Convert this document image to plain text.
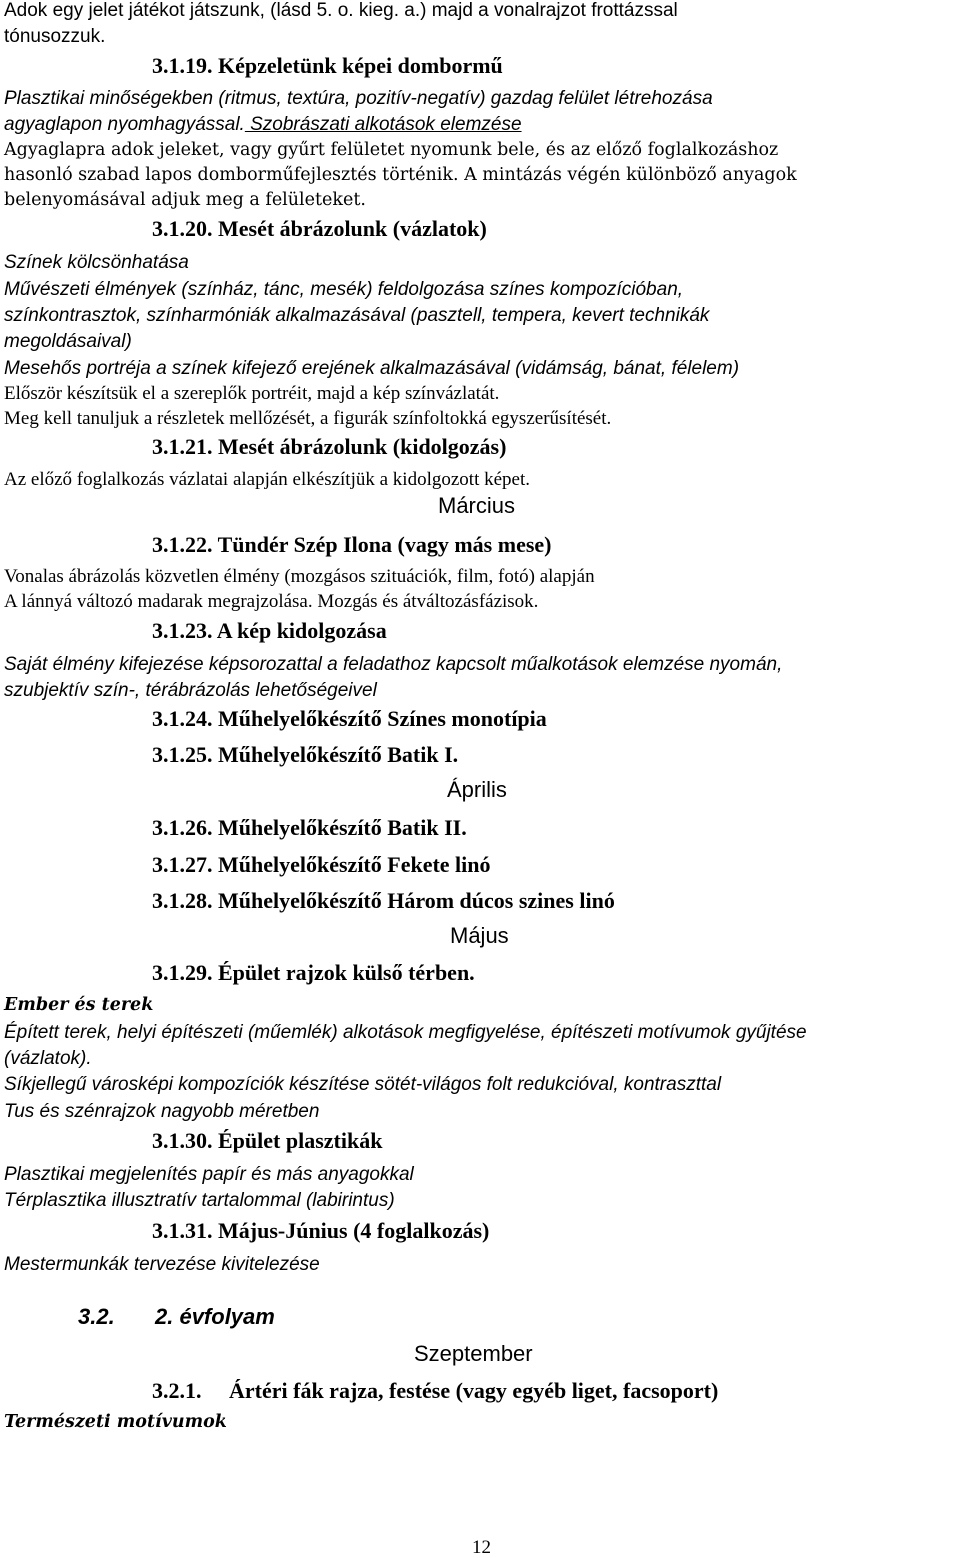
Adok egy jelet játékot játszunk, (lásd 5. o. kieg. a.) majd a vonalrajzot frottázssal
tónusozzuk.
3.1.19. Képzeletünk képei dombormű
Plasztikai minőségekben (ritmus, textúra, pozitív-negatív) gazdag felület létrehozása
agyaglapon nyomhagyással. Szobrászati alkotások elemzése
Agyaglapra adok jeleket, vagy gyűrt felületet nyomunk bele, és az előző foglalkozáshoz
hasonló szabad lapos domborműfejlesztés történik. A mintázás végén különböző anyagok
belenyomásával adjuk meg a felületeket.
3.1.20. Mesét ábrázolunk (vázlatok)
Színek kölcsönhatása
Művészeti élmények (színház, tánc, mesék) feldolgozása színes kompozícióban,
színkontrasztok, színharmóniák alkalmazásával (pasztell, tempera, kevert technikák
megoldásaival)
Mesehős portréja a színek kifejező erejének alkalmazásával (vidámság, bánat, félelem)
Először készítsük el a szereplők portréit, majd a kép színvázlatát.
Meg kell tanuljuk a részletek mellőzését, a figurák színfoltokká egyszerűsítését.
3.1.21. Mesét ábrázolunk (kidolgozás)
Az előző foglalkozás vázlatai alapján elkészítjük a kidolgozott képet.
Március
3.1.22. Tündér Szép Ilona (vagy más mese)
Vonalas ábrázolás közvetlen élmény (mozgásos szituációk, film, fotó) alapján
A lánnyá változó madarak megrajzolása. Mozgás és átváltozásfázisok.
3.1.23. A kép kidolgozása
Saját élmény kifejezése képsorozattal a feladathoz kapcsolt műalkotások elemzése nyomán,
szubjektív szín-, térábrázolás lehetőségeivel
3.1.24. Műhelyelőkészítő Színes monotípia
3.1.25. Műhelyelőkészítő Batik I.
Április
3.1.26. Műhelyelőkészítő Batik II.
3.1.27. Műhelyelőkészítő Fekete linó
3.1.28. Műhelyelőkészítő Három dúcos szines linó
Május
3.1.29. Épület rajzok külső térben.
Ember és terek
Épített terek, helyi építészeti (műemlék) alkotások megfigyelése, építészeti motívumok gyűjtése
(vázlatok).
Síkjellegű városképi kompozíciók készítése sötét-világos folt redukcióval, kontraszttal
Tus és szénrajzok nagyobb méretben
3.1.30. Épület plasztikák
Plasztikai megjelenítés papír és más anyagokkal
Térplasztika illusztratív tartalommal (labirintus)
3.1.31. Május-Június (4 foglalkozás)
Mestermunkák tervezése kivitelezése
3.2. 2. évfolyam
Szeptember
3.2.1. Ártéri fák rajza, festése (vagy egyéb liget, facsoport)
Természeti motívumok
12
